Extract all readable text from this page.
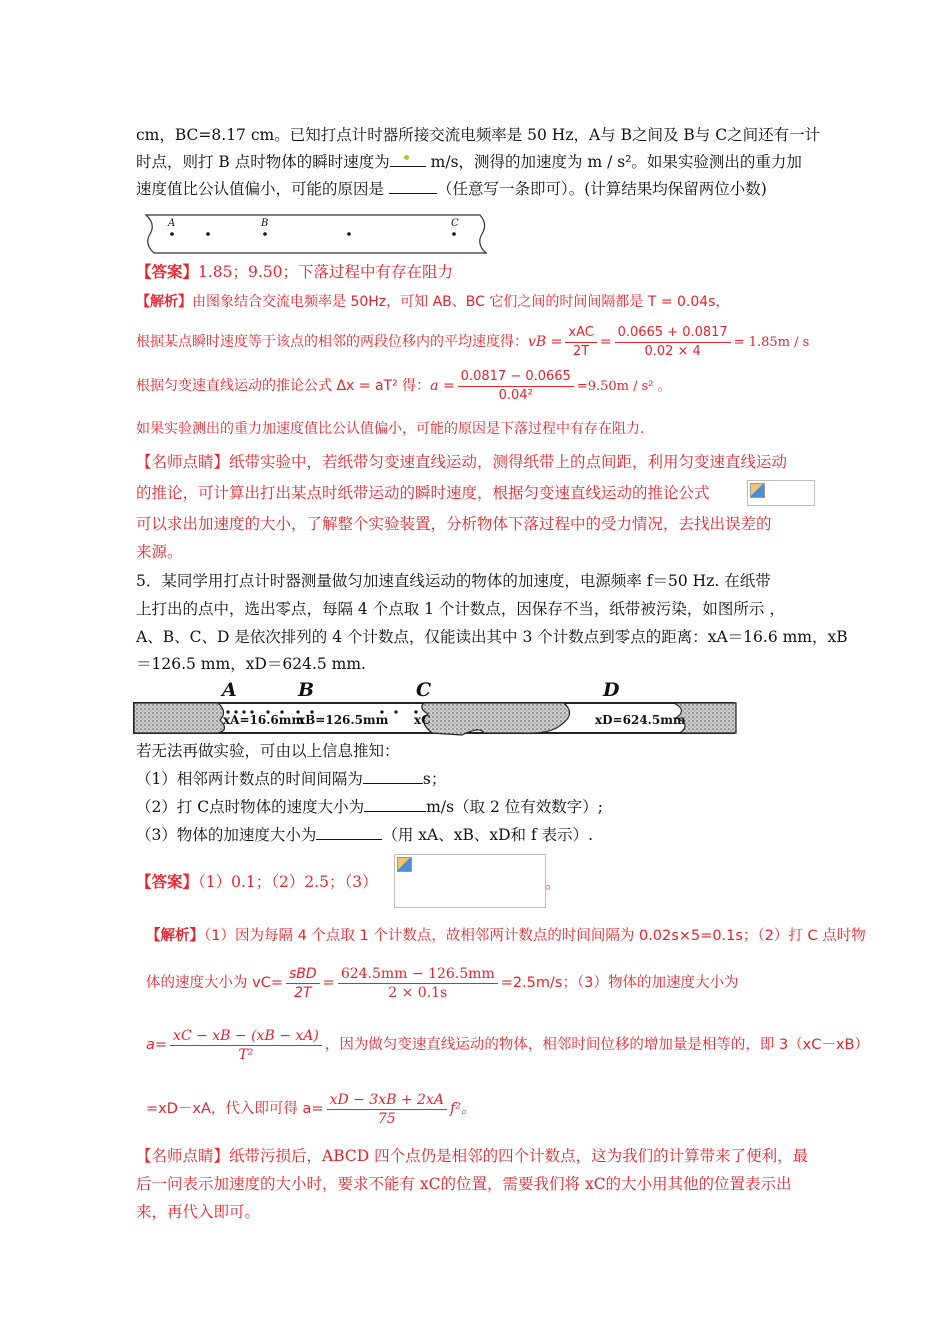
cm，BC=8.17 cm。已知打点计时器所接交流电频率是 50 Hz，A与 B之间及 B与 C之间还有一计
时点，则打 B 点时物体的瞬时速度为
m/s，测得的加速度为 m / s²。如果实验测出的重力加
速度值比公认值偏小，可能的原因是	（任意写一条即可）。(计算结果均保留两位小数)
A	B	C
【答案】1.85；9.50；下落过程中有存在阻力
【解析】由图象结合交流电频率是 50Hz，可知 AB、BC 它们之间的时间间隔都是 T = 0.04s，
根据某点瞬时速度等于该点的相邻的两段位移内的平均速度得：vB = $\frac{\text{xAC}}{2T} = \frac{0.0665 + 0.0817}{0.02 \times 4} = 1.85m / s$
根据匀变速直线运动的推论公式 Δx = aT² 得：$a = \frac{0.0817 - 0.0665}{\text{0.04²}} =9.50m / s^2$ 。
如果实验测出的重力加速度值比公认值偏小，可能的原因是下落过程中有存在阻力.
【名师点睛】纸带实验中，若纸带匀变速直线运动，测得纸带上的点间距，利用匀变速直线运动
的推论，可计算出打出某点时纸带运动的瞬时速度，根据匀变速直线运动的推论公式
可以求出加速度的大小，了解整个实验装置，分析物体下落过程中的受力情况，去找出误差的
来源。
5．某同学用打点计时器测量做匀加速直线运动的物体的加速度，电源频率 f＝50 Hz. 在纸带
上打出的点中，选出零点，每隔 4 个点取 1 个计数点，因保存不当，纸带被污染，如图所示 ，
A、B、C、D 是依次排列的 4 个计数点，仅能读出其中 3 个计数点到零点的距离：xA＝16.6 mm，xB
＝126.5 mm，xD＝624.5 mm.
A	B	C	D
xA=16.6mm
xB=126.5mm xC	xD=624.5mm
若无法再做实验，可由以上信息推知：
（1）相邻两计数点的时间间隔为	s；
（2）打 C点时物体的速度大小为	m/s（取 2 位有效数字）;
（3）物体的加速度大小为	（用 xA、xB、xD和 f 表示）.
【答案】（1）0.1；（2）2.5；（3）	。
【解析】（1）因为每隔 4 个点取 1 个计数点，故相邻两计数点的时间间隔为 0.02s×5=0.1s；（2）打 C 点时物
体的速度大小为 $vC= \frac{\text{sBD}}{2T} = \frac{624.5mm - 126.5mm}{2 \times 0.1s} =2.5m/s$；（3）物体的加速度大小为
$a= \frac{xC - xB - (xB - xA)}{\text{T²}}$ ，因为做匀变速直线运动的物体，相邻时间位移的增加量是相等的，即 3（xC－xB）
=xD－xA，代入即可得 $a= \frac{xD - 3xB + 2xA}{75} f^2$。
【名师点睛】纸带污损后，ABCD 四个点仍是相邻的四个计数点，这为我们的计算带来了便利，最
后一问表示加速度的大小时，要求不能有 xC的位置，需要我们将 xC的大小用其他的位置表示出
来，再代入即可。
